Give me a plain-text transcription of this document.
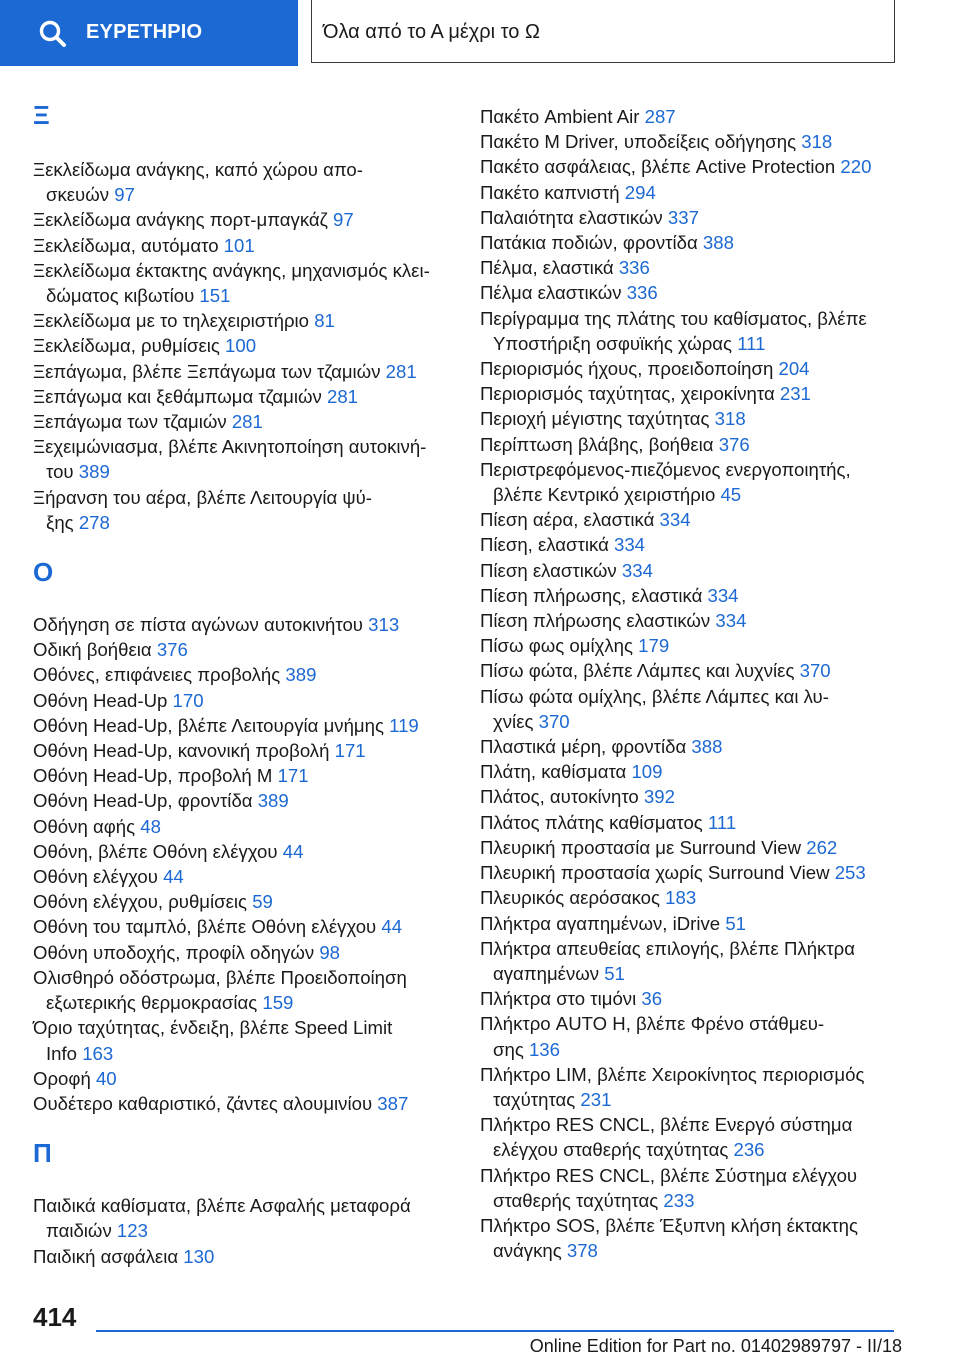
ΕΥΡΕΤΗΡΙΟ	Όλα από το Α μέχρι το Ω
Ξ
Ξεκλείδωμα ανάγκης, καπό χώρου απο-
σκευών 97
Ξεκλείδωμα ανάγκης πορτ-μπαγκάζ 97
Ξεκλείδωμα, αυτόματο 101
Ξεκλείδωμα έκτακτης ανάγκης, μηχανισμός κλει-
δώματος κιβωτίου 151
Ξεκλείδωμα με το τηλεχειριστήριο 81
Ξεκλείδωμα, ρυθμίσεις 100
Ξεπάγωμα, βλέπε Ξεπάγωμα των τζαμιών 281
Ξεπάγωμα και ξεθάμπωμα τζαμιών 281
Ξεπάγωμα των τζαμιών 281
Ξεχειμώνιασμα, βλέπε Ακινητοποίηση αυτοκινή-
του 389
Ξήρανση του αέρα, βλέπε Λειτουργία ψύ-
ξης 278
Ο
Οδήγηση σε πίστα αγώνων αυτοκινήτου 313
Οδική βοήθεια 376
Οθόνες, επιφάνειες προβολής 389
Οθόνη Head-Up 170
Οθόνη Head-Up, βλέπε Λειτουργία μνήμης 119
Οθόνη Head-Up, κανονική προβολή 171
Οθόνη Head-Up, προβολή M 171
Οθόνη Head-Up, φροντίδα 389
Οθόνη αφής 48
Οθόνη, βλέπε Οθόνη ελέγχου 44
Οθόνη ελέγχου 44
Οθόνη ελέγχου, ρυθμίσεις 59
Οθόνη του ταμπλό, βλέπε Οθόνη ελέγχου 44
Οθόνη υποδοχής, προφίλ οδηγών 98
Ολισθηρό οδόστρωμα, βλέπε Προειδοποίηση
εξωτερικής θερμοκρασίας 159
Όριο ταχύτητας, ένδειξη, βλέπε Speed Limit
Info 163
Οροφή 40
Ουδέτερο καθαριστικό, ζάντες αλουμινίου 387
Π
Παιδικά καθίσματα, βλέπε Ασφαλής μεταφορά
παιδιών 123
Παιδική ασφάλεια 130
Πακέτο Ambient Air 287
Πακέτο M Driver, υποδείξεις οδήγησης 318
Πακέτο ασφάλειας, βλέπε Active Protection 220
Πακέτο καπνιστή 294
Παλαιότητα ελαστικών 337
Πατάκια ποδιών, φροντίδα 388
Πέλμα, ελαστικά 336
Πέλμα ελαστικών 336
Περίγραμμα της πλάτης του καθίσματος, βλέπε
Υποστήριξη οσφυϊκής χώρας 111
Περιορισμός ήχους, προειδοποίηση 204
Περιορισμός ταχύτητας, χειροκίνητα 231
Περιοχή μέγιστης ταχύτητας 318
Περίπτωση βλάβης, βοήθεια 376
Περιστρεφόμενος-πιεζόμενος ενεργοποιητής,
βλέπε Κεντρικό χειριστήριο 45
Πίεση αέρα, ελαστικά 334
Πίεση, ελαστικά 334
Πίεση ελαστικών 334
Πίεση πλήρωσης, ελαστικά 334
Πίεση πλήρωσης ελαστικών 334
Πίσω φως ομίχλης 179
Πίσω φώτα, βλέπε Λάμπες και λυχνίες 370
Πίσω φώτα ομίχλης, βλέπε Λάμπες και λυ-
χνίες 370
Πλαστικά μέρη, φροντίδα 388
Πλάτη, καθίσματα 109
Πλάτος, αυτοκίνητο 392
Πλάτος πλάτης καθίσματος 111
Πλευρική προστασία με Surround View 262
Πλευρική προστασία χωρίς Surround View 253
Πλευρικός αερόσακος 183
Πλήκτρα αγαπημένων, iDrive 51
Πλήκτρα απευθείας επιλογής, βλέπε Πλήκτρα
αγαπημένων 51
Πλήκτρα στο τιμόνι 36
Πλήκτρο AUTO H, βλέπε Φρένο στάθμευ-
σης 136
Πλήκτρο LIM, βλέπε Χειροκίνητος περιορισμός
ταχύτητας 231
Πλήκτρο RES CNCL, βλέπε Ενεργό σύστημα
ελέγχου σταθερής ταχύτητας 236
Πλήκτρο RES CNCL, βλέπε Σύστημα ελέγχου
σταθερής ταχύτητας 233
Πλήκτρο SOS, βλέπε Έξυπνη κλήση έκτακτης
ανάγκης 378
414
Online Edition for Part no. 01402989797 - II/18
